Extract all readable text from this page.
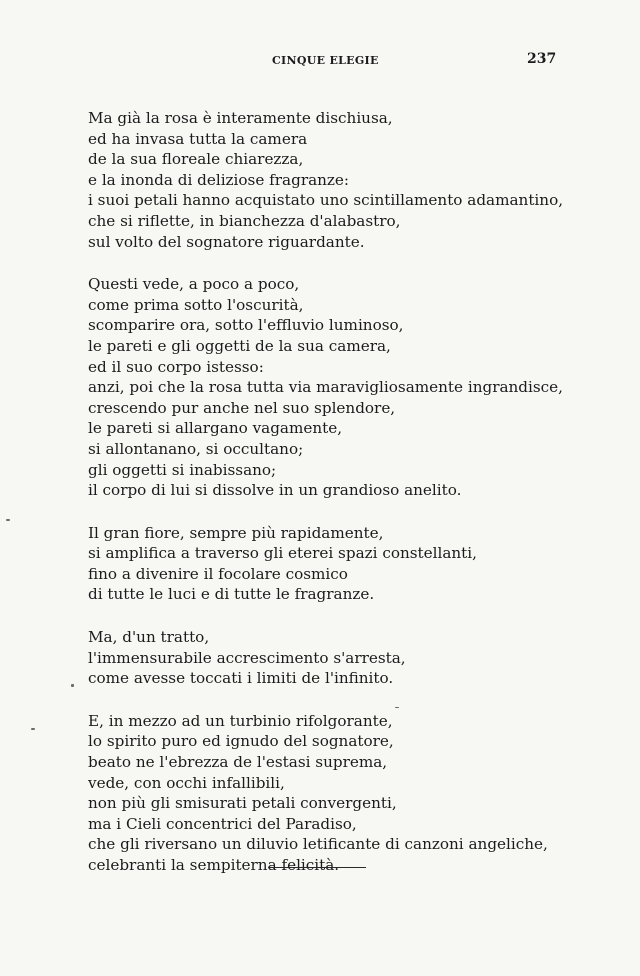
CINQUE ELEGIE	237
Ma già la rosa è interamente dischiusa,
ed ha invasa tutta la camera
de la sua floreale chiarezza,
e la inonda di deliziose fragranze:
i suoi petali hanno acquistato uno scintillamento adamantino,
che si riflette, in bianchezza d'alabastro,
sul volto del sognatore riguardante.
Questi vede, a poco a poco,
come prima sotto l'oscurità,
scomparire ora, sotto l'effluvio luminoso,
le pareti e gli oggetti de la sua camera,
ed il suo corpo istesso:
anzi, poi che la rosa tutta via maravigliosamente ingrandisce,
crescendo pur anche nel suo splendore,
le pareti si allargano vagamente,
si allontanano, si occultano;
gli oggetti si inabissano;
il corpo di lui si dissolve in un grandioso anelito.
Il gran fiore, sempre più rapidamente,
si amplifica a traverso gli eterei spazi constellanti,
fino a divenire il focolare cosmico
di tutte le luci e di tutte le fragranze.
Ma, d'un tratto,
l'immensurabile accrescimento s'arresta,
come avesse toccati i limiti de l'infinito.
E, in mezzo ad un turbinio rifolgorante,
lo spirito puro ed ignudo del sognatore,
beato ne l'ebrezza de l'estasi suprema,
vede, con occhi infallibili,
non più gli smisurati petali convergenti,
ma i Cieli concentrici del Paradiso,
che gli riversano un diluvio letificante di canzoni angeliche,
celebranti la sempiterna felicità.
